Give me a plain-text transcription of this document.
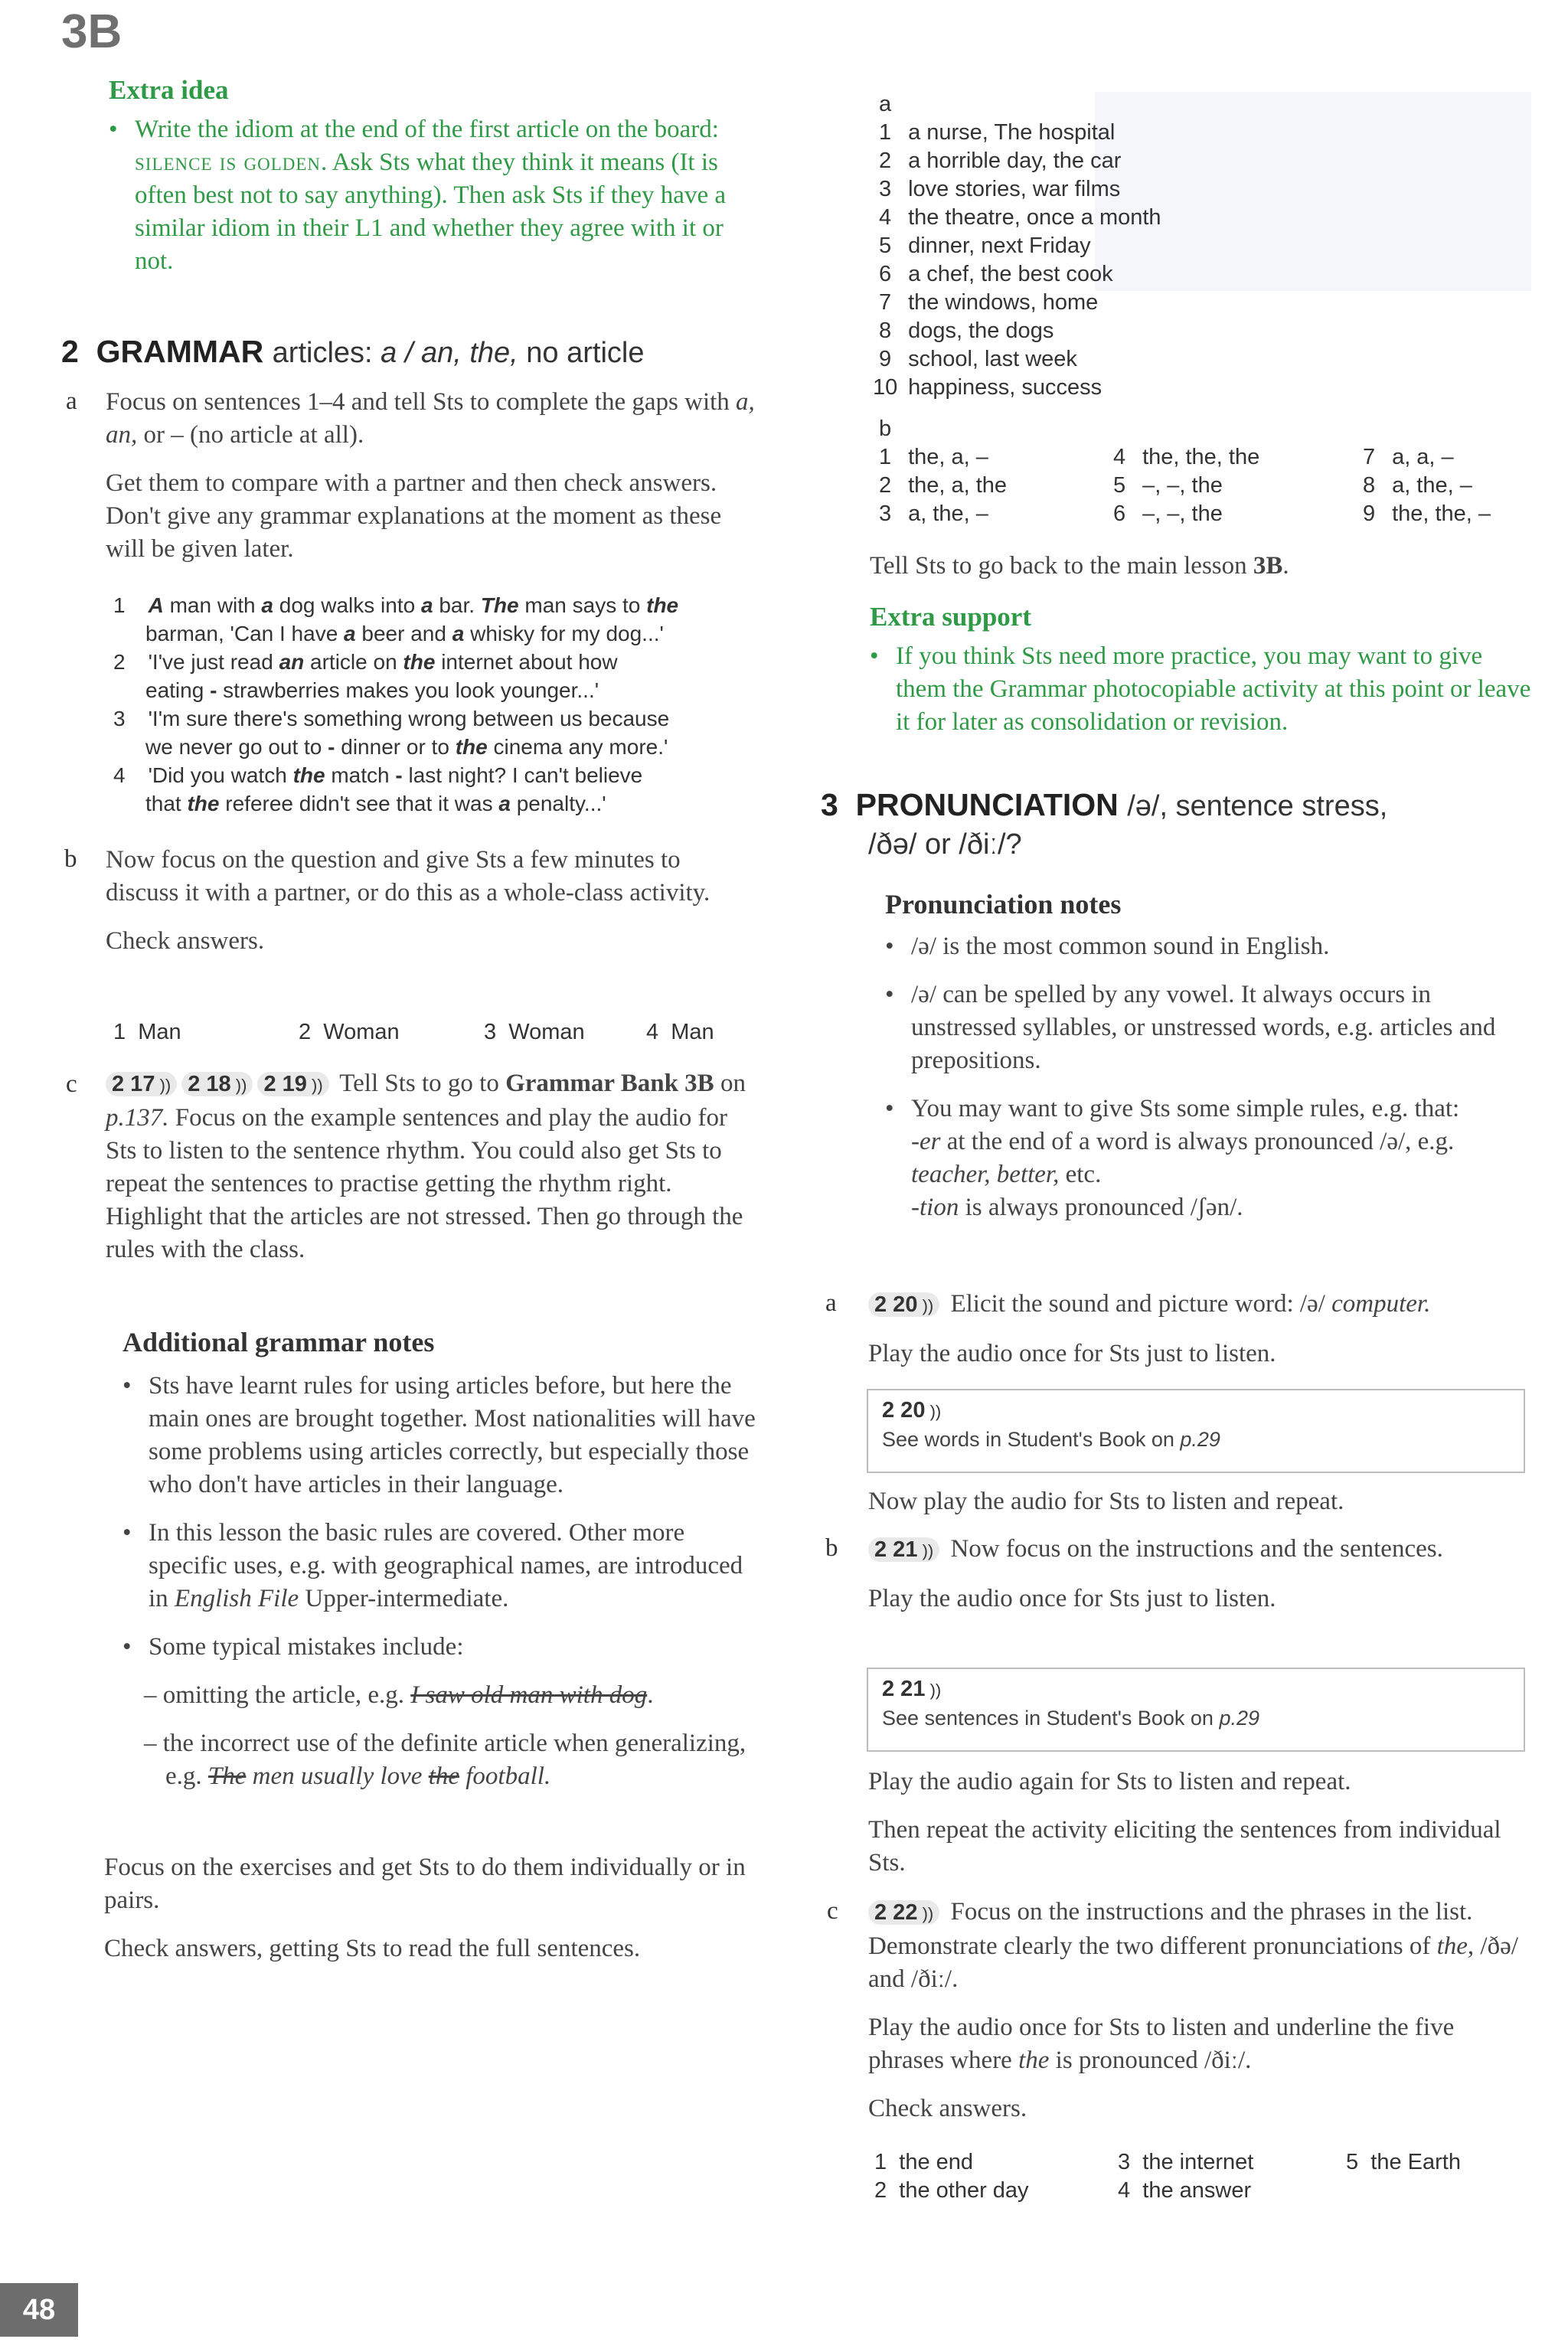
3B
Extra idea
• Write the idiom at the end of the first article on the board: silence is golden. Ask Sts what they think it means (It is often best not to say anything). Then ask Sts if they have a similar idiom in their L1 and whether they agree with it or not.
2 GRAMMAR articles: a / an, the, no article
a Focus on sentences 1–4 and tell Sts to complete the gaps with a, an, or – (no article at all).

Get them to compare with a partner and then check answers. Don't give any grammar explanations at the moment as these will be given later.

1 A man with a dog walks into a bar. The man says to the
barman, 'Can I have a beer and a whisky for my dog...'
2 'I've just read an article on the internet about how
eating - strawberries makes you look younger...'
3 'I'm sure there's something wrong between us because
we never go out to - dinner or to the cinema any more.'
4 'Did you watch the match - last night? I can't believe
that the referee didn't see that it was a penalty...'
b Now focus on the question and give Sts a few minutes to discuss it with a partner, or do this as a whole-class activity.

Check answers.

1 Man	2 Woman	3 Woman	4 Man
c 2 17 )) 2 18 )) 2 19 )) Tell Sts to go to Grammar Bank 3B on p.137. Focus on the example sentences and play the audio for Sts to listen to the sentence rhythm. You could also get Sts to repeat the sentences to practise getting the rhythm right. Highlight that the articles are not stressed. Then go through the rules with the class.

Additional grammar notes
• Sts have learnt rules for using articles before, but here the main ones are brought together. Most nationalities will have some problems using articles correctly, but especially those who don't have articles in their language.
• In this lesson the basic rules are covered. Other more specific uses, e.g. with geographical names, are introduced in English File Upper-intermediate.
• Some typical mistakes include:
– omitting the article, e.g. I saw old man with dog.
– the incorrect use of the definite article when generalizing, e.g. The men usually love the football.

Focus on the exercises and get Sts to do them individually or in pairs.

Check answers, getting Sts to read the full sentences.

a
1 a nurse, The hospital
2 a horrible day, the car
3 love stories, war films
4 the theatre, once a month
5 dinner, next Friday
6 a chef, the best cook
7 the windows, home
8 dogs, the dogs
9 school, last week
10 happiness, success
b
1 the, a, –	4 the, the, the	7 a, a, –
2 the, a, the	5 –, –, the	8 a, the, –
3 a, the, –	6 –, –, the	9 the, the, –
Tell Sts to go back to the main lesson 3B.
Extra support
• If you think Sts need more practice, you may want to give them the Grammar photocopiable activity at this point or leave it for later as consolidation or revision.
3 PRONUNCIATION /ə/, sentence stress,
/ðə/ or /ðiː/?
Pronunciation notes
• /ə/ is the most common sound in English.
• /ə/ can be spelled by any vowel. It always occurs in unstressed syllables, or unstressed words, e.g. articles and prepositions.
• You may want to give Sts some simple rules, e.g. that:
-er at the end of a word is always pronounced /ə/, e.g. teacher, better, etc.
-tion is always pronounced /ʃən/.
a 2 20 )) Elicit the sound and picture word: /ə/ computer.

Play the audio once for Sts just to listen.

2 20 ))
See words in Student's Book on p.29
Now play the audio for Sts to listen and repeat.
b 2 21 )) Now focus on the instructions and the sentences.

Play the audio once for Sts just to listen.

2 21 ))
See sentences in Student's Book on p.29

Play the audio again for Sts to listen and repeat.

Then repeat the activity eliciting the sentences from individual Sts.

c 2 22 )) Focus on the instructions and the phrases in the list. Demonstrate clearly the two different pronunciations of the, /ðə/ and /ðiː/.

Play the audio once for Sts to listen and underline the five phrases where the is pronounced /ðiː/.

Check answers.

1 the end	3 the internet	5 the Earth
2 the other day	4 the answer
48
